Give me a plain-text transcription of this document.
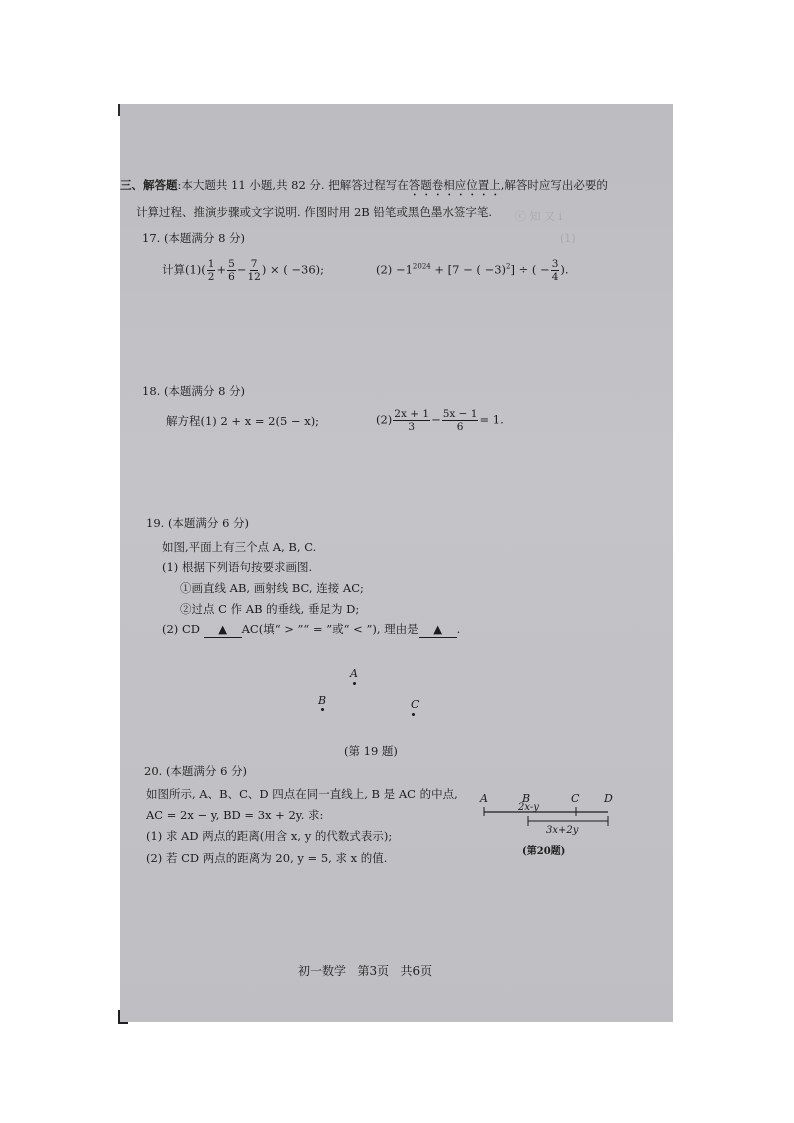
ⓒ 知 又 i
(1)
三、解答题:本大题共 11 小题,共 82 分. 把解答过程写在答题卷相应位置上,解答时应写出必要的
计算过程、推演步骤或文字说明. 作图时用 2B 铅笔或黑色墨水签字笔.
17. (本题满分 8 分)
计算$(1)( \frac{1}{2} + \frac{5}{6} - \frac{7}{12}$ ) × ( −36);	$(2) -1^{2024} + [7$ − ( −3)$^2$] ÷ ( − $\frac{3}{4}$ ).
18. (本题满分 8 分)
解方程(1) 2 + x = 2(5 − x);	$(2) \frac{2x + 1}{3} - \frac{5x - 1}{6} = 1$.
19. (本题满分 6 分)
如图,平面上有三个点 A, B, C.
(1) 根据下列语句按要求画图.
①画直线 AB, 画射线 BC, 连接 AC;
②过点 C 作 AB 的垂线, 垂足为 D;
(2) CD ▲ AC(填“ > ”“ = ”或“ < ”), 理由是 ▲ .
A
B	C
(第 19 题)
20. (本题满分 6 分)
如图所示, A、B、C、D 四点在同一直线上, B 是 AC 的中点,
AC = 2x − y, BD = 3x + 2y. 求:
(1) 求 AD 两点的距离(用含 x, y 的代数式表示);
(2) 若 CD 两点的距离为 20, y = 5, 求 x 的值.
A	B	C D
2x-y
3x+2y
(第20题)
初一数学   第3页   共6页
